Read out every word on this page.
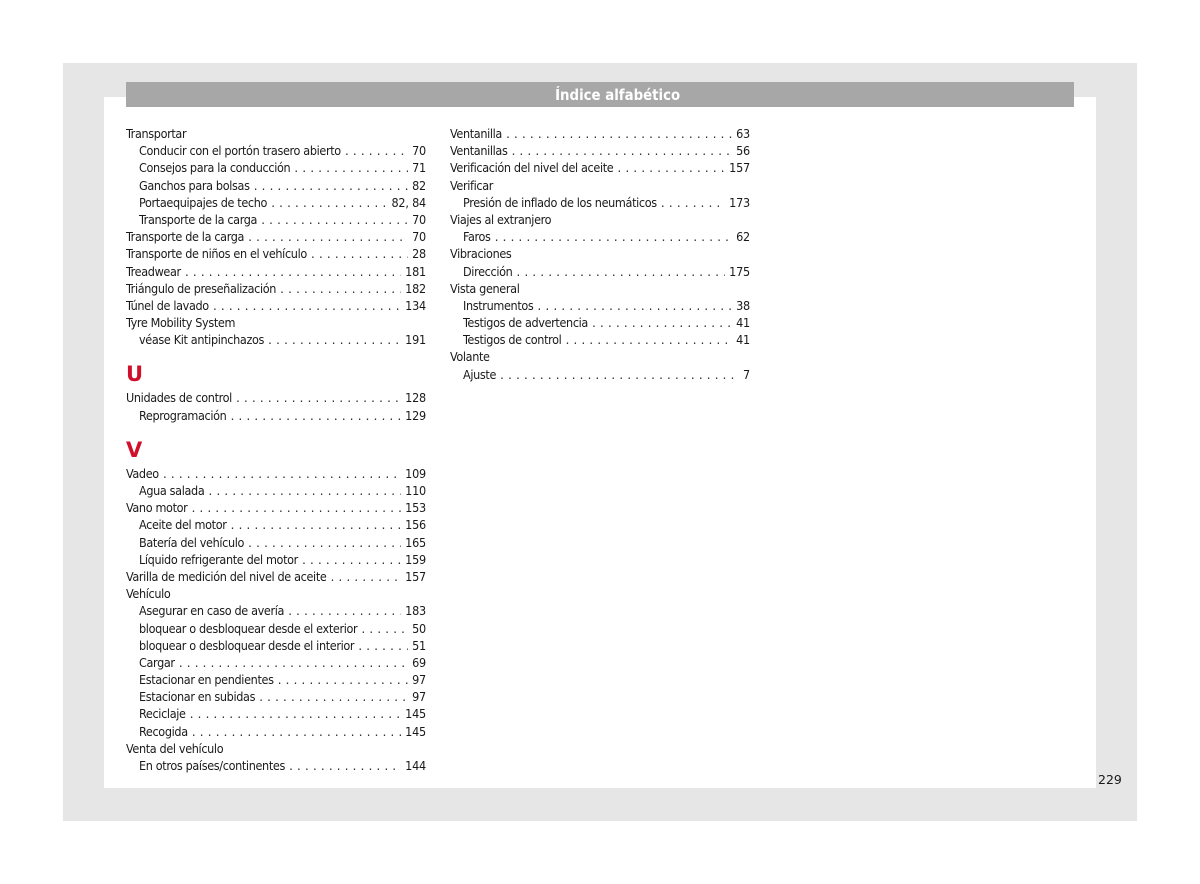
Índice alfabético
Transportar
Conducir con el portón trasero abierto . . .	70
Consejos para la conducción . . .	71
Ganchos para bolsas . . .	82
Portaequipajes de techo . . .	82, 84
Transporte de la carga . . .	70
Transporte de la carga . . .	70
Transporte de niños en el vehículo . . .	28
Treadwear . . .	181
Triángulo de preseñalización . . .	182
Túnel de lavado . . .	134
Tyre Mobility System
véase Kit antipinchazos . . .	191
U
Unidades de control . . .	128
Reprogramación . . .	129
V
Vadeo . . .	109
Agua salada . . .	110
Vano motor . . .	153
Aceite del motor . . .	156
Batería del vehículo . . .	165
Líquido refrigerante del motor . . .	159
Varilla de medición del nivel de aceite . . .	157
Vehículo
Asegurar en caso de avería . . .	183
bloquear o desbloquear desde el exterior . . .	50
bloquear o desbloquear desde el interior . . .	51
Cargar . . .	69
Estacionar en pendientes . . .	97
Estacionar en subidas . . .	97
Reciclaje . . .	145
Recogida . . .	145
Venta del vehículo
En otros países/continentes . . .	144
Ventanilla . . .	63
Ventanillas . . .	56
Verificación del nivel del aceite . . .	157
Verificar
Presión de inflado de los neumáticos . . .	173
Viajes al extranjero
Faros . . .	62
Vibraciones
Dirección . . .	175
Vista general
Instrumentos . . .	38
Testigos de advertencia . . .	41
Testigos de control . . .	41
Volante
Ajuste . . .	7
229
